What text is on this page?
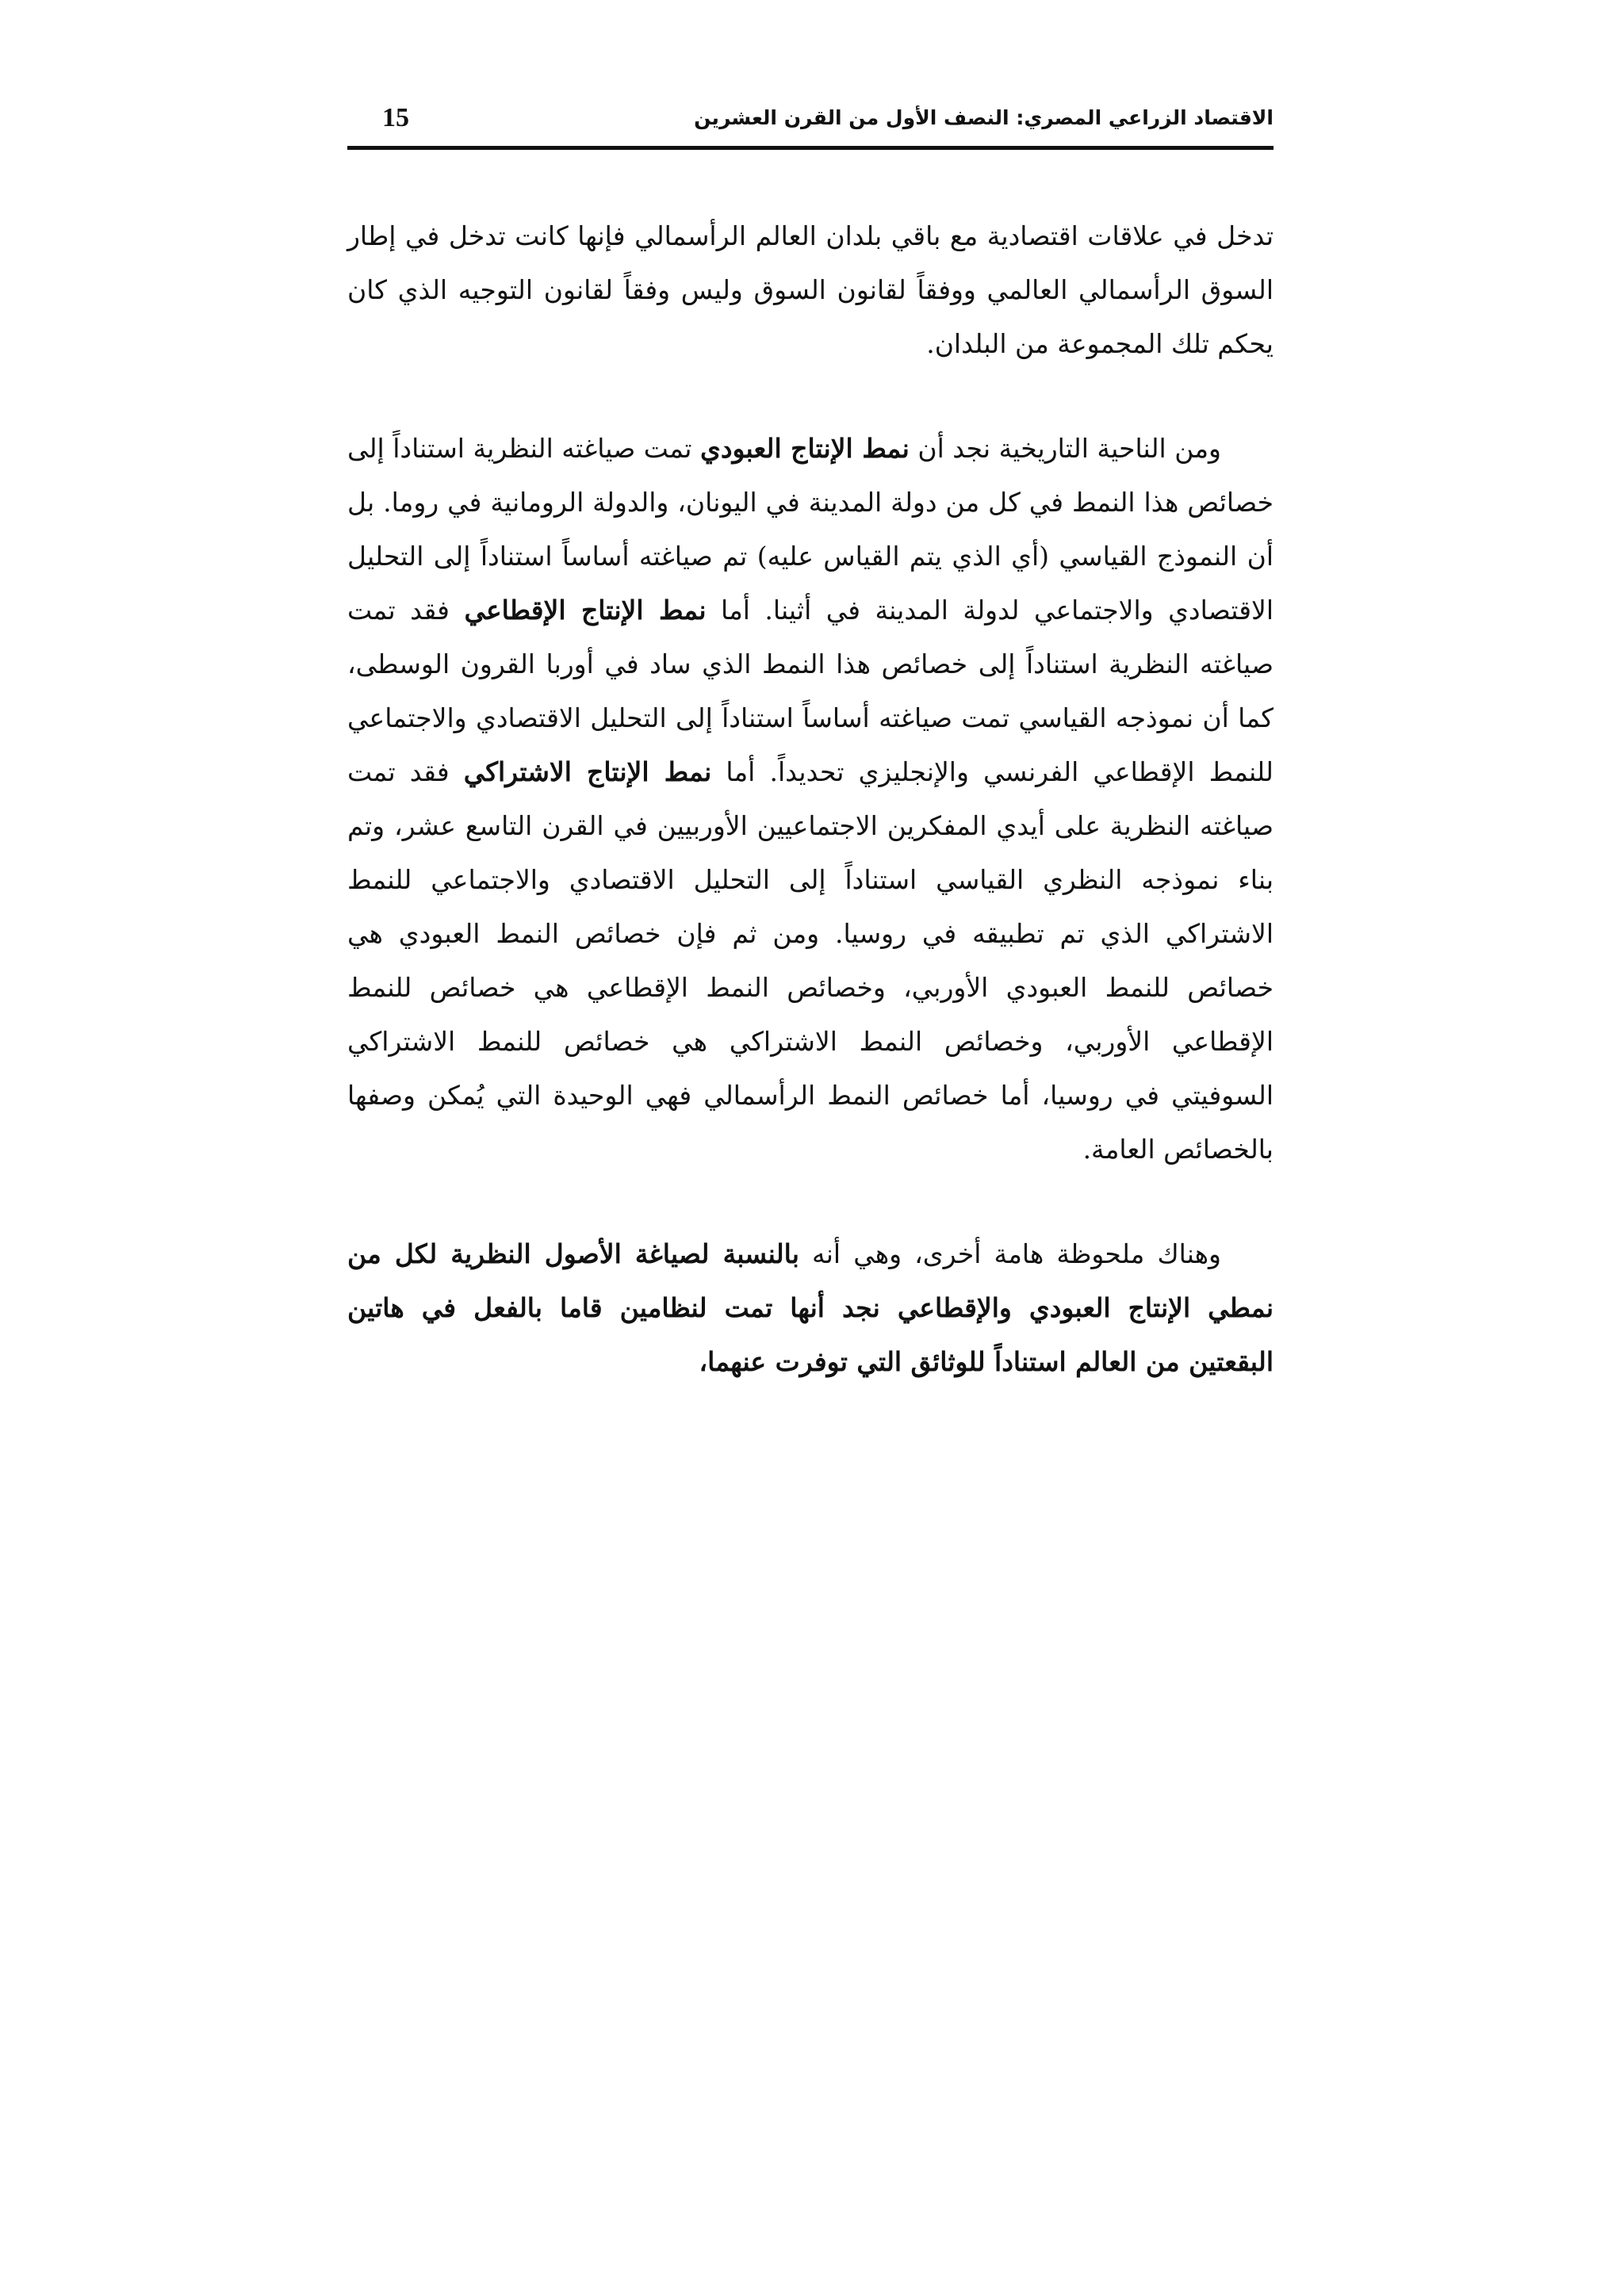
الاقتصاد الزراعي المصري: النصف الأول من القرن العشرين
15

تدخل في علاقات اقتصادية مع باقي بلدان العالم الرأسمالي فإنها كانت تدخل في إطار السوق الرأسمالي العالمي ووفقاً لقانون السوق وليس وفقاً لقانون التوجيه الذي كان يحكم تلك المجموعة من البلدان.

ومن الناحية التاريخية نجد أن نمط الإنتاج العبودي تمت صياغته النظرية استناداً إلى خصائص هذا النمط في كل من دولة المدينة في اليونان، والدولة الرومانية في روما. بل أن النموذج القياسي (أي الذي يتم القياس عليه) تم صياغته أساساً استناداً إلى التحليل الاقتصادي والاجتماعي لدولة المدينة في أثينا. أما نمط الإنتاج الإقطاعي فقد تمت صياغته النظرية استناداً إلى خصائص هذا النمط الذي ساد في أوربا القرون الوسطى، كما أن نموذجه القياسي تمت صياغته أساساً استناداً إلى التحليل الاقتصادي والاجتماعي للنمط الإقطاعي الفرنسي والإنجليزي تحديداً. أما نمط الإنتاج الاشتراكي فقد تمت صياغته النظرية على أيدي المفكرين الاجتماعيين الأوربيين في القرن التاسع عشر، وتم بناء نموذجه النظري القياسي استناداً إلى التحليل الاقتصادي والاجتماعي للنمط الاشتراكي الذي تم تطبيقه في روسيا. ومن ثم فإن خصائص النمط العبودي هي خصائص للنمط العبودي الأوربي، وخصائص النمط الإقطاعي هي خصائص للنمط الإقطاعي الأوربي، وخصائص النمط الاشتراكي هي خصائص للنمط الاشتراكي السوفيتي في روسيا، أما خصائص النمط الرأسمالي فهي الوحيدة التي يُمكن وصفها بالخصائص العامة.

وهناك ملحوظة هامة أخرى، وهي أنه بالنسبة لصياغة الأصول النظرية لكل من نمطي الإنتاج العبودي والإقطاعي نجد أنها تمت لنظامين قاما بالفعل في هاتين البقعتين من العالم استناداً للوثائق التي توفرت عنهما،
